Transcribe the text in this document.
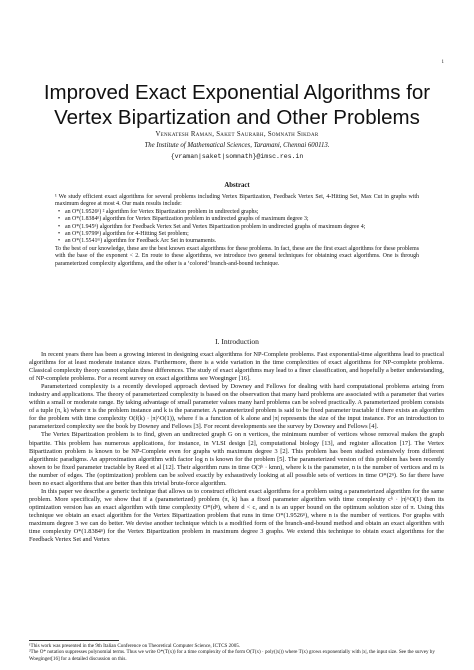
1
Improved Exact Exponential Algorithms for
Vertex Bipartization and Other Problems
Venkatesh Raman, Saket Saurabh, Somnath Sikdar
The Institute of Mathematical Sciences, Taramani, Chennai 600113.
{vraman|saket|somnath}@imsc.res.in
Abstract
¹ We study efficient exact algorithms for several problems including Vertex Bipartization, Feedback Vertex Set, 4-Hitting Set, Max Cut in graphs with maximum degree at most 4. Our main results include:
• an O*(1.9526ⁿ) ² algorithm for Vertex Bipartization problem in undirected graphs;
• an O*(1.8384ⁿ) algorithm for Vertex Bipartization problem in undirected graphs of maximum degree 3;
• an O*(1.945ⁿ) algorithm for Feedback Vertex Set and Vertex Bipartization problem in undirected graphs of maximum degree 4;
• an O*(1.9799ⁿ) algorithm for 4-Hitting Set problem;
• an O*(1.5541ᵐ) algorithm for Feedback Arc Set in tournaments.
To the best of our knowledge, these are the best known exact algorithms for these problems. In fact, these are the first exact algorithms for these problems with the base of the exponent < 2. En route to these algorithms, we introduce two general techniques for obtaining exact algorithms. One is through parameterized complexity algorithms, and the other is a ‘colored’ branch-and-bound technique.
I. Introduction

In recent years there has been a growing interest in designing exact algorithms for NP-Complete problems. Fast exponential-time algorithms lead to practical algorithms for at least moderate instance sizes. Furthermore, there is a wide variation in the time complexities of exact algorithms for NP-complete problems. Classical complexity theory cannot explain these differences. The study of exact algorithms may lead to a finer classification, and hopefully a better understanding, of NP-complete problems. For a recent survey on exact algorithms see Woeginger [16].

Parameterized complexity is a recently developed approach devised by Downey and Fellows for dealing with hard computational problems arising from industry and applications. The theory of parameterized complexity is based on the observation that many hard problems are associated with a parameter that varies within a small or moderate range. By taking advantage of small parameter values many hard problems can be solved practically. A parameterized problem consists of a tuple (π, k) where π is the problem instance and k is the parameter. A parameterized problem is said to be fixed parameter tractable if there exists an algorithm for the problem with time complexity O(f(k) · |π|^O(1)), where f is a function of k alone and |π| represents the size of the input instance. For an introduction to parameterized complexity see the book by Downey and Fellows [3]. For recent developments see the survey by Downey and Fellows [4].

The Vertex Bipartization problem is to find, given an undirected graph G on n vertices, the minimum number of vertices whose removal makes the graph bipartite. This problem has numerous applications, for instance, in VLSI design [2], computational biology [13], and register allocation [17]. The Vertex Bipartization problem is known to be NP-Complete even for graphs with maximum degree 3 [2]. This problem has been studied extensively from different algorithmic paradigms. An approximation algorithm with factor log n is known for the problem [5]. The parameterized version of this problem has been recently shown to be fixed parameter tractable by Reed et al [12]. Their algorithm runs in time O(3ᵏ · kmn), where k is the parameter, n is the number of vertices and m is the number of edges. The (optimization) problem can be solved exactly by exhaustively looking at all possible sets of vertices in time O*(2ⁿ). So far there have been no exact algorithms that are better than this trivial brute-force algorithm.

In this paper we describe a generic technique that allows us to construct efficient exact algorithms for a problem using a parameterized algorithm for the same problem. More specifically, we show that if a (parameterized) problem (π, k) has a fixed parameter algorithm with time complexity cᵏ · |π|^O(1) then its optimization version has an exact algorithm with time complexity O*(dⁿ), where d < c, and n is an upper bound on the optimum solution size of π. Using this technique we obtain an exact algorithm for the Vertex Bipartization problem that runs in time O*(1.9526ⁿ), where n is the number of vertices. For graphs with maximum degree 3 we can do better. We devise another technique which is a modified form of the branch-and-bound method and obtain an exact algorithm with time complexity O*(1.8384ⁿ) for the Vertex Bipartization problem in maximum degree 3 graphs. We extend this technique to obtain exact algorithms for the Feedback Vertex Set and Vertex

¹This work was presented in the 9th Italian Conference on Theoretical Computer Science, ICTCS 2005.

²The O* notation suppresses polynomial terms. Thus we write O*(T(x)) for a time complexity of the form O(T(x) · poly(|x|)) where T(x) grows exponentially with |x|, the input size. See the survey by Woeginger[16] for a detailed discussion on this.
